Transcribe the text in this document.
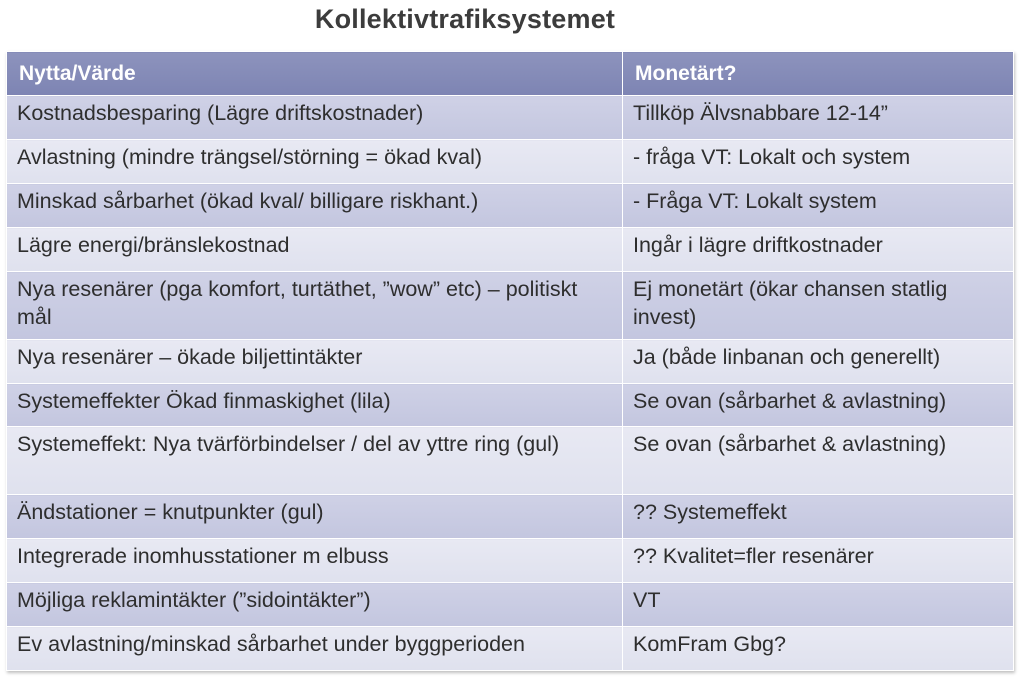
Kollektivtrafiksystemet
Nytta/Värde	Monetärt?
Kostnadsbesparing (Lägre driftskostnader)	Tillköp Älvsnabbare 12-14”
Avlastning (mindre trängsel/störning = ökad kval)	- fråga VT: Lokalt och system
Minskad sårbarhet (ökad kval/ billigare riskhant.)	- Fråga VT: Lokalt system
Lägre energi/bränslekostnad	Ingår i lägre driftkostnader
Nya resenärer (pga komfort, turtäthet, ”wow” etc) – politiskt mål	Ej monetärt (ökar chansen statlig invest)
Nya resenärer – ökade biljettintäkter	Ja (både linbanan och generellt)
Systemeffekter Ökad finmaskighet (lila)	Se ovan (sårbarhet & avlastning)
Systemeffekt: Nya tvärförbindelser / del av yttre ring (gul)	Se ovan (sårbarhet & avlastning)
Ändstationer = knutpunkter (gul)	?? Systemeffekt
Integrerade inomhusstationer m elbuss	?? Kvalitet=fler resenärer
Möjliga reklamintäkter (”sidointäkter”)	VT
Ev avlastning/minskad sårbarhet under byggperioden	KomFram Gbg?
